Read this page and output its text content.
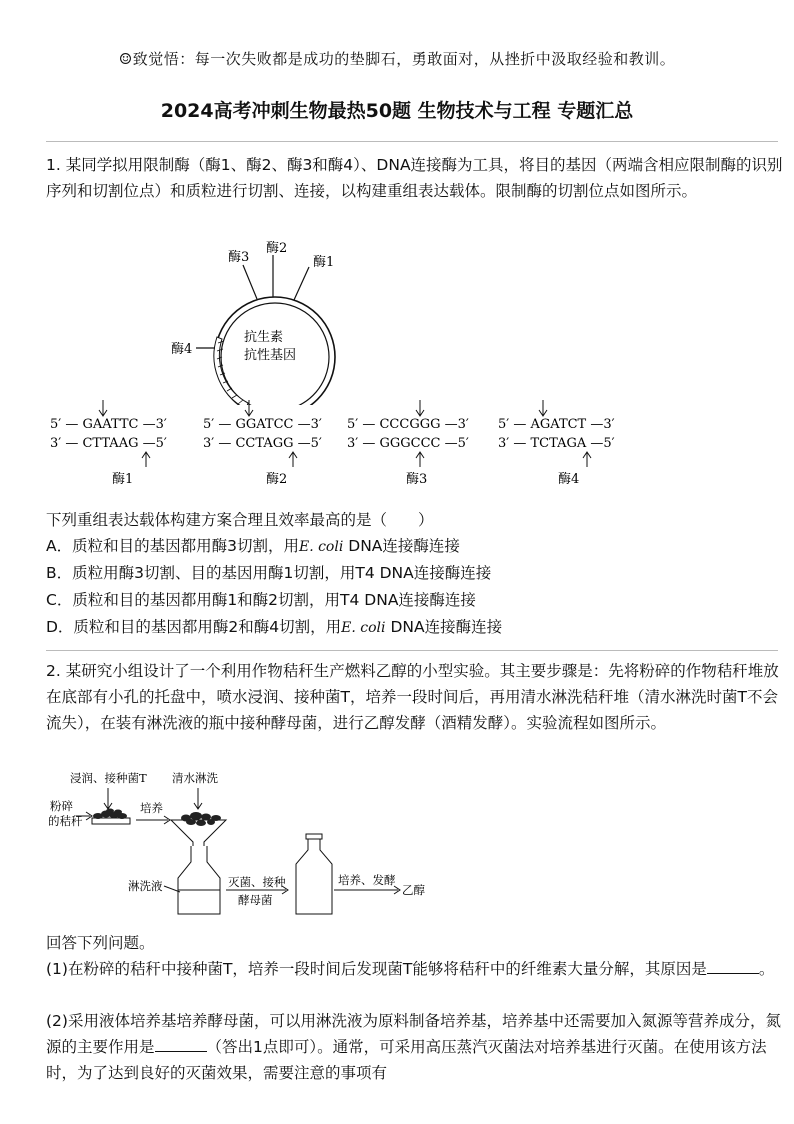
☺致觉悟：每一次失败都是成功的垫脚石，勇敢面对，从挫折中汲取经验和教训。
2024高考冲刺生物最热50题 生物技术与工程 专题汇总

1. 某同学拟用限制酶（酶1、酶2、酶3和酶4）、DNA连接酶为工具，将目的基因（两端含相应限制酶的识别序列和切割位点）和质粒进行切割、连接，以构建重组表达载体。限制酶的切割位点如图所示。

酶3
酶2
酶1
酶4
抗生素
抗性基因
5′ — GAATTC —3′
3′ — CTTAAG —5′
酶1
5′ — GGATCC —3′
3′ — CCTAGG —5′
酶2
5′ — CCCGGG —3′
3′ — GGGCCC —5′
酶3
5′ — AGATCT —3′
3′ — TCTAGA —5′
酶4
下列重组表达载体构建方案合理且效率最高的是（　　）
A．质粒和目的基因都用酶3切割，用E. coli DNA连接酶连接
B．质粒用酶3切割、目的基因用酶1切割，用T4 DNA连接酶连接
C．质粒和目的基因都用酶1和酶2切割，用T4 DNA连接酶连接
D．质粒和目的基因都用酶2和酶4切割，用E. coli DNA连接酶连接

2. 某研究小组设计了一个利用作物秸秆生产燃料乙醇的小型实验。其主要步骤是：先将粉碎的作物秸秆堆放在底部有小孔的托盘中，喷水浸润、接种菌T，培养一段时间后，再用清水淋洗秸秆堆（清水淋洗时菌T不会流失），在装有淋洗液的瓶中接种酵母菌，进行乙醇发酵（酒精发酵）。实验流程如图所示。

浸润、接种菌T 清水淋洗
粉碎
的秸秆
培养
淋洗液	灭菌、接种
酵母菌
培养、发酵
乙醇
回答下列问题。

(1)在粉碎的秸秆中接种菌T，培养一段时间后发现菌T能够将秸秆中的纤维素大量分解，其原因是	。

(2)采用液体培养基培养酵母菌，可以用淋洗液为原料制备培养基，培养基中还需要加入氮源等营养成分，氮源的主要作用是	（答出1点即可）。通常，可采用高压蒸汽灭菌法对培养基进行灭菌。在使用该方法时，为了达到良好的灭菌效果，需要注意的事项有
